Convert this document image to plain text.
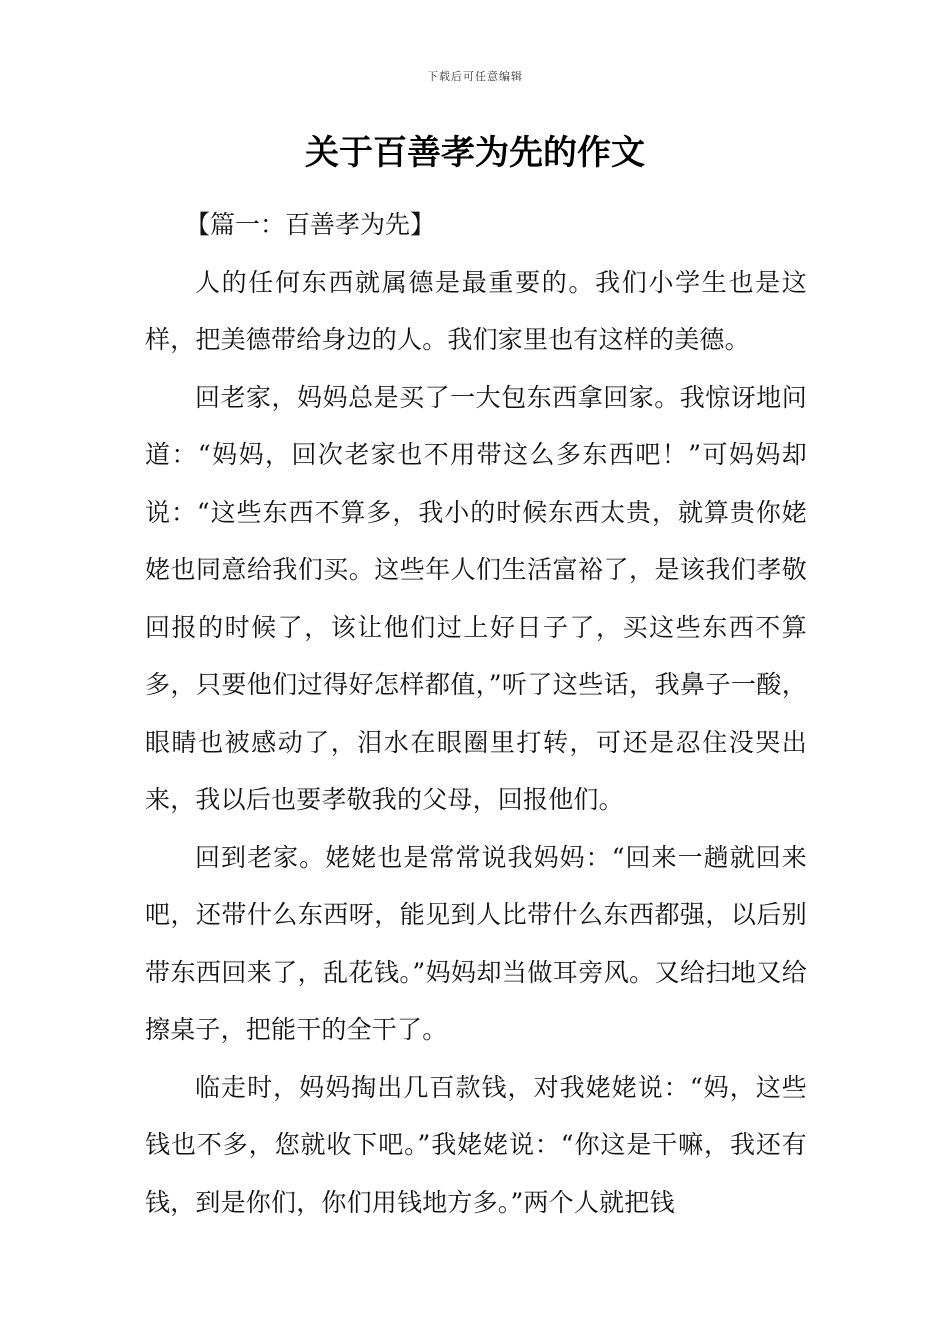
下载后可任意编辑
关于百善孝为先的作文

【篇一：百善孝为先】

人的任何东西就属德是最重要的。我们小学生也是这样，把美德带给身边的人。我们家里也有这样的美德。

回老家，妈妈总是买了一大包东西拿回家。我惊讶地问道：“妈妈，回次老家也不用带这么多东西吧！”可妈妈却说：“这些东西不算多，我小的时候东西太贵，就算贵你姥姥也同意给我们买。这些年人们生活富裕了，是该我们孝敬回报的时候了，该让他们过上好日子了，买这些东西不算多，只要他们过得好怎样都值，”听了这些话，我鼻子一酸，眼睛也被感动了，泪水在眼圈里打转，可还是忍住没哭出来，我以后也要孝敬我的父母，回报他们。

回到老家。姥姥也是常常说我妈妈：“回来一趟就回来吧，还带什么东西呀，能见到人比带什么东西都强，以后别带东西回来了，乱花钱。”妈妈却当做耳旁风。又给扫地又给擦桌子，把能干的全干了。

临走时，妈妈掏出几百款钱，对我姥姥说：“妈，这些钱也不多，您就收下吧。”我姥姥说：“你这是干嘛，我还有钱，到是你们，你们用钱地方多。”两个人就把钱
